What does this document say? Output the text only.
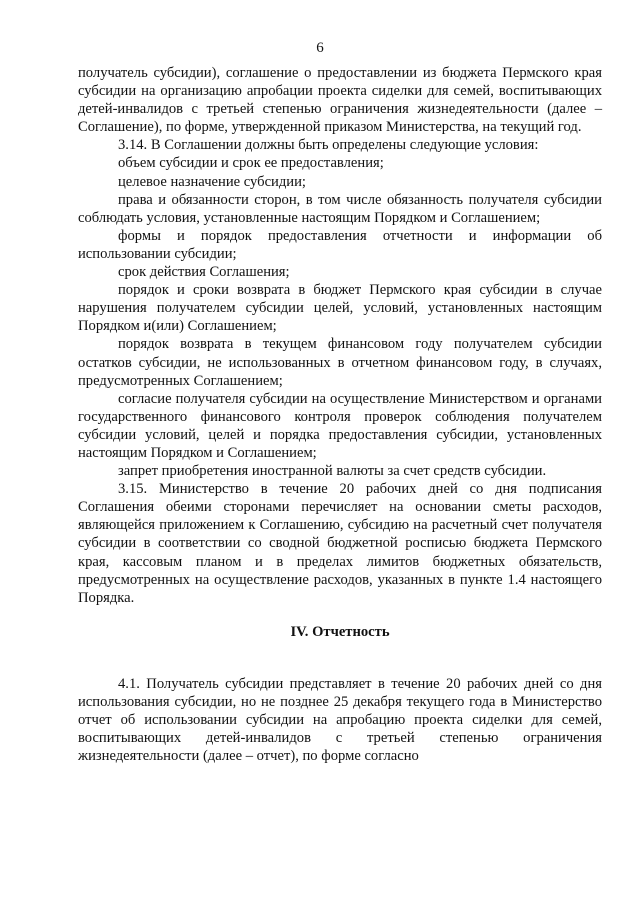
6

получатель субсидии), соглашение о предоставлении из бюджета Пермского края субсидии на организацию апробации проекта сиделки для семей, воспитывающих детей-инвалидов с третьей степенью ограничения жизнедеятельности (далее – Соглашение), по форме, утвержденной приказом Министерства, на текущий год.

3.14. В Соглашении должны быть определены следующие условия:

объем субсидии и срок ее предоставления;

целевое назначение субсидии;

права и обязанности сторон, в том числе обязанность получателя субсидии соблюдать условия, установленные настоящим Порядком и Соглашением;

формы и порядок предоставления отчетности и информации об использовании субсидии;

срок действия Соглашения;

порядок и сроки возврата в бюджет Пермского края субсидии в случае нарушения получателем субсидии целей, условий, установленных настоящим Порядком и(или) Соглашением;

порядок возврата в текущем финансовом году получателем субсидии остатков субсидии, не использованных в отчетном финансовом году, в случаях, предусмотренных Соглашением;

согласие получателя субсидии на осуществление Министерством и органами государственного финансового контроля проверок соблюдения получателем субсидии условий, целей и порядка предоставления субсидии, установленных настоящим Порядком и Соглашением;

запрет приобретения иностранной валюты за счет средств субсидии.

3.15. Министерство в течение 20 рабочих дней со дня подписания Соглашения обеими сторонами перечисляет на основании сметы расходов, являющейся приложением к Соглашению, субсидию на расчетный счет получателя субсидии в соответствии со сводной бюджетной росписью бюджета Пермского края, кассовым планом и в пределах лимитов бюджетных обязательств, предусмотренных на осуществление расходов, указанных в пункте 1.4 настоящего Порядка.

IV. Отчетность

4.1. Получатель субсидии представляет в течение 20 рабочих дней со дня использования субсидии, но не позднее 25 декабря текущего года в Министерство отчет об использовании субсидии на апробацию проекта сиделки для семей, воспитывающих детей-инвалидов с третьей степенью ограничения жизнедеятельности (далее – отчет), по форме согласно
